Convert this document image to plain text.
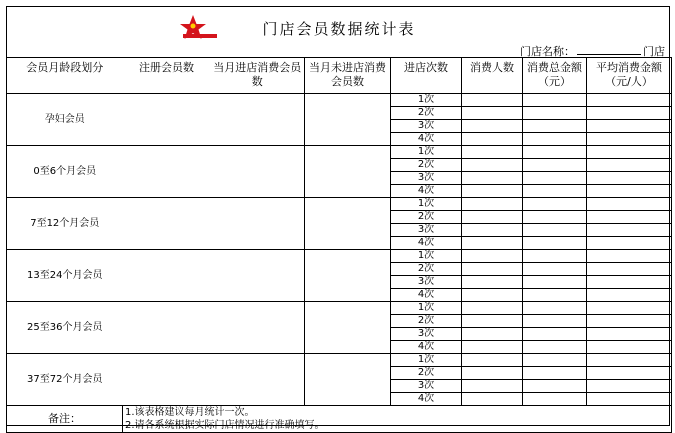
门店会员数据统计表
门店名称：	门店
会员月龄段划分	注册会员数	当月进店消费会员数	当月未进店消费会员数	进店次数	消费人数	消费总金额（元）	平均消费金额（元/人）
孕妇会员				1次			
				2次			
				3次			
				4次			
0至6个月会员				1次			
				2次			
				3次			
				4次			
7至12个月会员				1次			
				2次			
				3次			
				4次			
13至24个月会员				1次			
				2次			
				3次			
				4次			
25至36个月会员				1次			
				2次			
				3次			
				4次			
37至72个月会员				1次			
				2次			
				3次			
				4次			
备注：	1.该表格建议每月统计一次。
2.请各系统根据实际门店情况进行准确填写。						
